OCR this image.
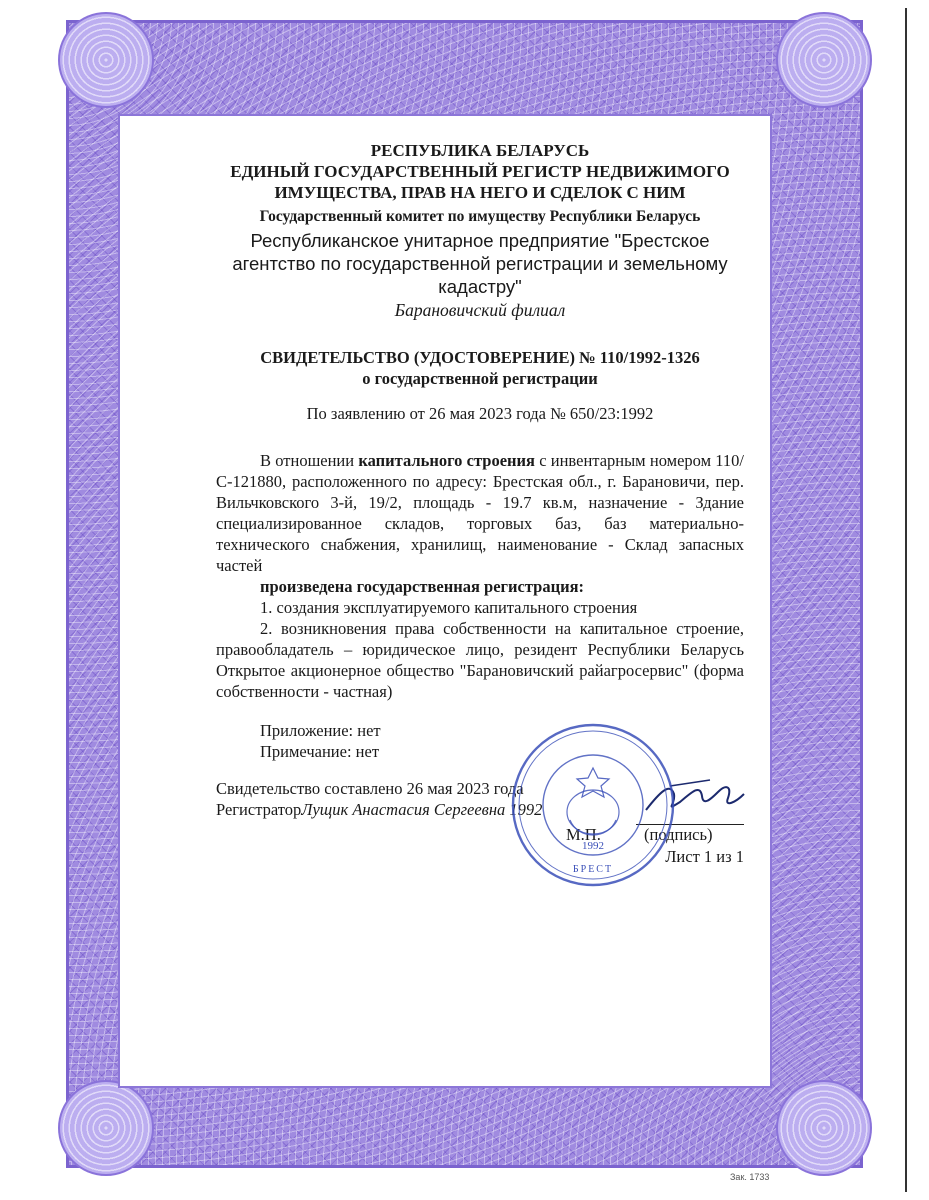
РЕСПУБЛИКА БЕЛАРУСЬ
ЕДИНЫЙ ГОСУДАРСТВЕННЫЙ РЕГИСТР НЕДВИЖИМОГО
ИМУЩЕСТВА, ПРАВ НА НЕГО И СДЕЛОК С НИМ
Государственный комитет по имуществу Республики Беларусь
Республиканское унитарное предприятие "Брестское агентство по государственной регистрации и земельному кадастру"
Барановичский филиал
СВИДЕТЕЛЬСТВО (УДОСТОВЕРЕНИЕ) № 110/1992-1326
о государственной регистрации
По заявлению от 26 мая 2023 года № 650/23:1992
В отношении капитального строения с инвентарным номером 110/С-121880, расположенного по адресу: Брестская обл., г. Барановичи, пер. Вильчковского 3-й, 19/2, площадь - 19.7 кв.м, назначение - Здание специализированное складов, торговых баз, баз материально-технического снабжения, хранилищ, наименование - Склад запасных частей
произведена государственная регистрация:
1. создания эксплуатируемого капитального строения
2. возникновения права собственности на капитальное строение, правообладатель – юридическое лицо, резидент Республики Беларусь Открытое акционерное общество "Барановичский райагросервис" (форма собственности - частная)
Приложение: нет
Примечание: нет
Свидетельство составлено 26 мая 2023 года
РегистраторЛущик Анастасия Сергеевна 1992
М.П.	(подпись)
Лист 1 из 1
1992
БРЕСТ
Зак. 1733
